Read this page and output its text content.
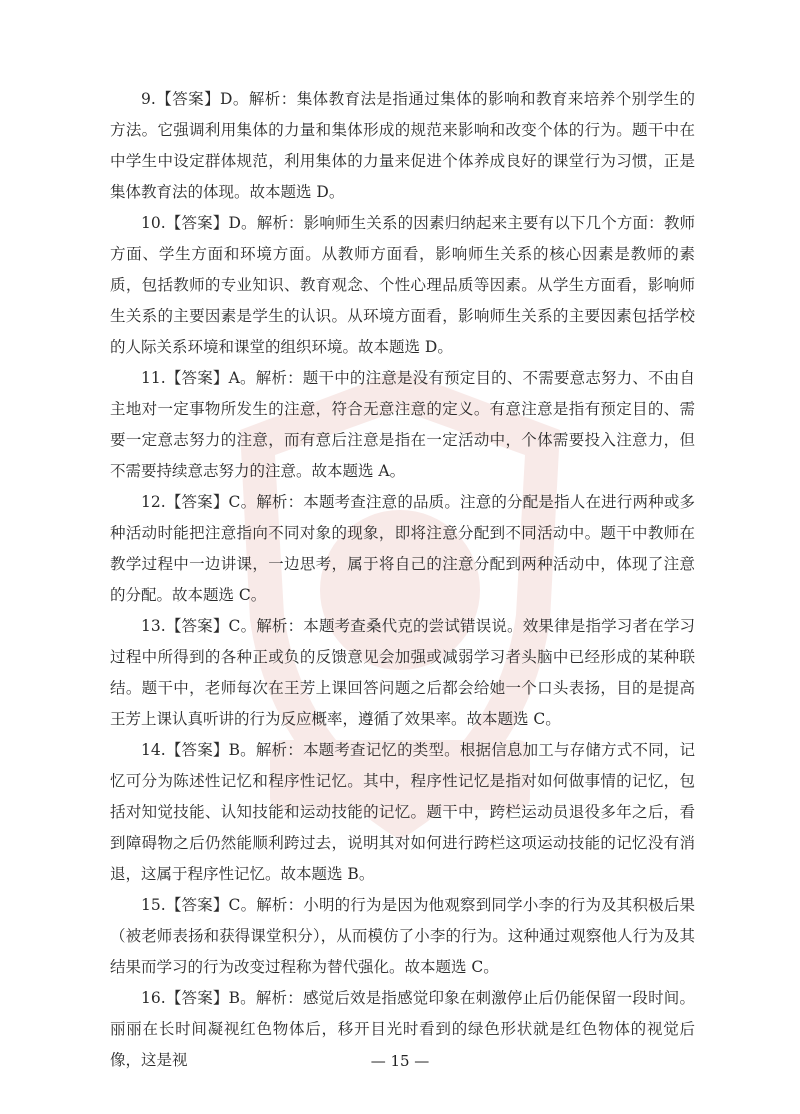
9.【答案】D。解析：集体教育法是指通过集体的影响和教育来培养个别学生的方法。它强调利用集体的力量和集体形成的规范来影响和改变个体的行为。题干中在中学生中设定群体规范，利用集体的力量来促进个体养成良好的课堂行为习惯，正是集体教育法的体现。故本题选 D。

10.【答案】D。解析：影响师生关系的因素归纳起来主要有以下几个方面：教师方面、学生方面和环境方面。从教师方面看，影响师生关系的核心因素是教师的素质，包括教师的专业知识、教育观念、个性心理品质等因素。从学生方面看，影响师生关系的主要因素是学生的认识。从环境方面看，影响师生关系的主要因素包括学校的人际关系环境和课堂的组织环境。故本题选 D。

11.【答案】A。解析：题干中的注意是没有预定目的、不需要意志努力、不由自主地对一定事物所发生的注意，符合无意注意的定义。有意注意是指有预定目的、需要一定意志努力的注意，而有意后注意是指在一定活动中，个体需要投入注意力，但不需要持续意志努力的注意。故本题选 A。

12.【答案】C。解析：本题考查注意的品质。注意的分配是指人在进行两种或多种活动时能把注意指向不同对象的现象，即将注意分配到不同活动中。题干中教师在教学过程中一边讲课，一边思考，属于将自己的注意分配到两种活动中，体现了注意的分配。故本题选 C。

13.【答案】C。解析：本题考查桑代克的尝试错误说。效果律是指学习者在学习过程中所得到的各种正或负的反馈意见会加强或减弱学习者头脑中已经形成的某种联结。题干中，老师每次在王芳上课回答问题之后都会给她一个口头表扬，目的是提高王芳上课认真听讲的行为反应概率，遵循了效果率。故本题选 C。

14.【答案】B。解析：本题考查记忆的类型。根据信息加工与存储方式不同，记忆可分为陈述性记忆和程序性记忆。其中，程序性记忆是指对如何做事情的记忆，包括对知觉技能、认知技能和运动技能的记忆。题干中，跨栏运动员退役多年之后，看到障碍物之后仍然能顺利跨过去，说明其对如何进行跨栏这项运动技能的记忆没有消退，这属于程序性记忆。故本题选 B。

15.【答案】C。解析：小明的行为是因为他观察到同学小李的行为及其积极后果（被老师表扬和获得课堂积分），从而模仿了小李的行为。这种通过观察他人行为及其结果而学习的行为改变过程称为替代强化。故本题选 C。

16.【答案】B。解析：感觉后效是指感觉印象在刺激停止后仍能保留一段时间。丽丽在长时间凝视红色物体后，移开目光时看到的绿色形状就是红色物体的视觉后像，这是视	— 15 —
